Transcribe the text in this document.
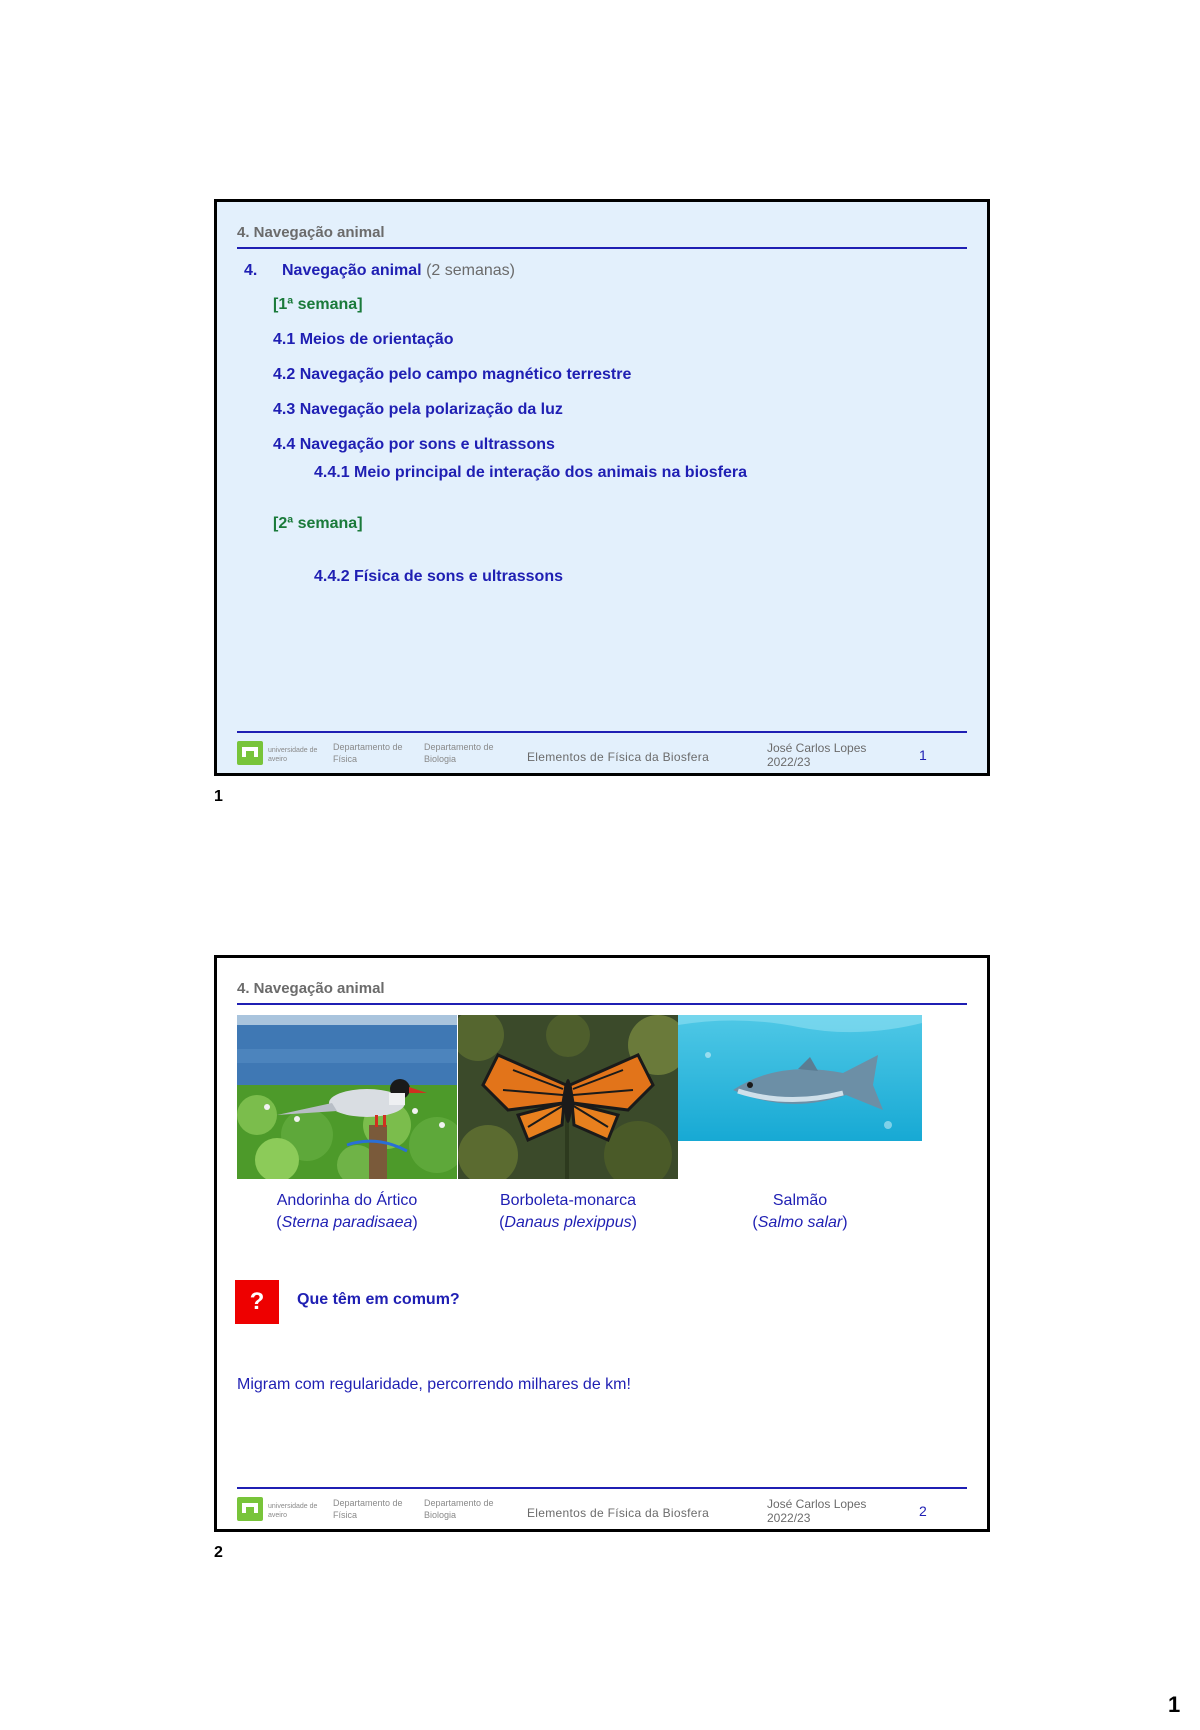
4. Navegação animal
4. Navegação animal (2 semanas)
[1ª semana]
4.1 Meios de orientação
4.2 Navegação pelo campo magnético terrestre
4.3 Navegação pela polarização da luz
4.4 Navegação por sons e ultrassons
4.4.1 Meio principal de interação dos animais na biosfera
[2ª semana]
4.4.2 Física de sons e ultrassons
universidade de aveiro
Departamento de Física
Departamento de Biologia	Elementos de Física da Biosfera
José Carlos Lopes
2022/23	1
1
4. Navegação animal
Andorinha do Ártico
(Sterna paradisaea)
Borboleta-monarca
(Danaus plexippus)
Salmão
(Salmo salar)
?	Que têm em comum?
Migram com regularidade, percorrendo milhares de km!
universidade de aveiro
Departamento de Física
Departamento de Biologia	Elementos de Física da Biosfera
José Carlos Lopes
2022/23	2
2
1
